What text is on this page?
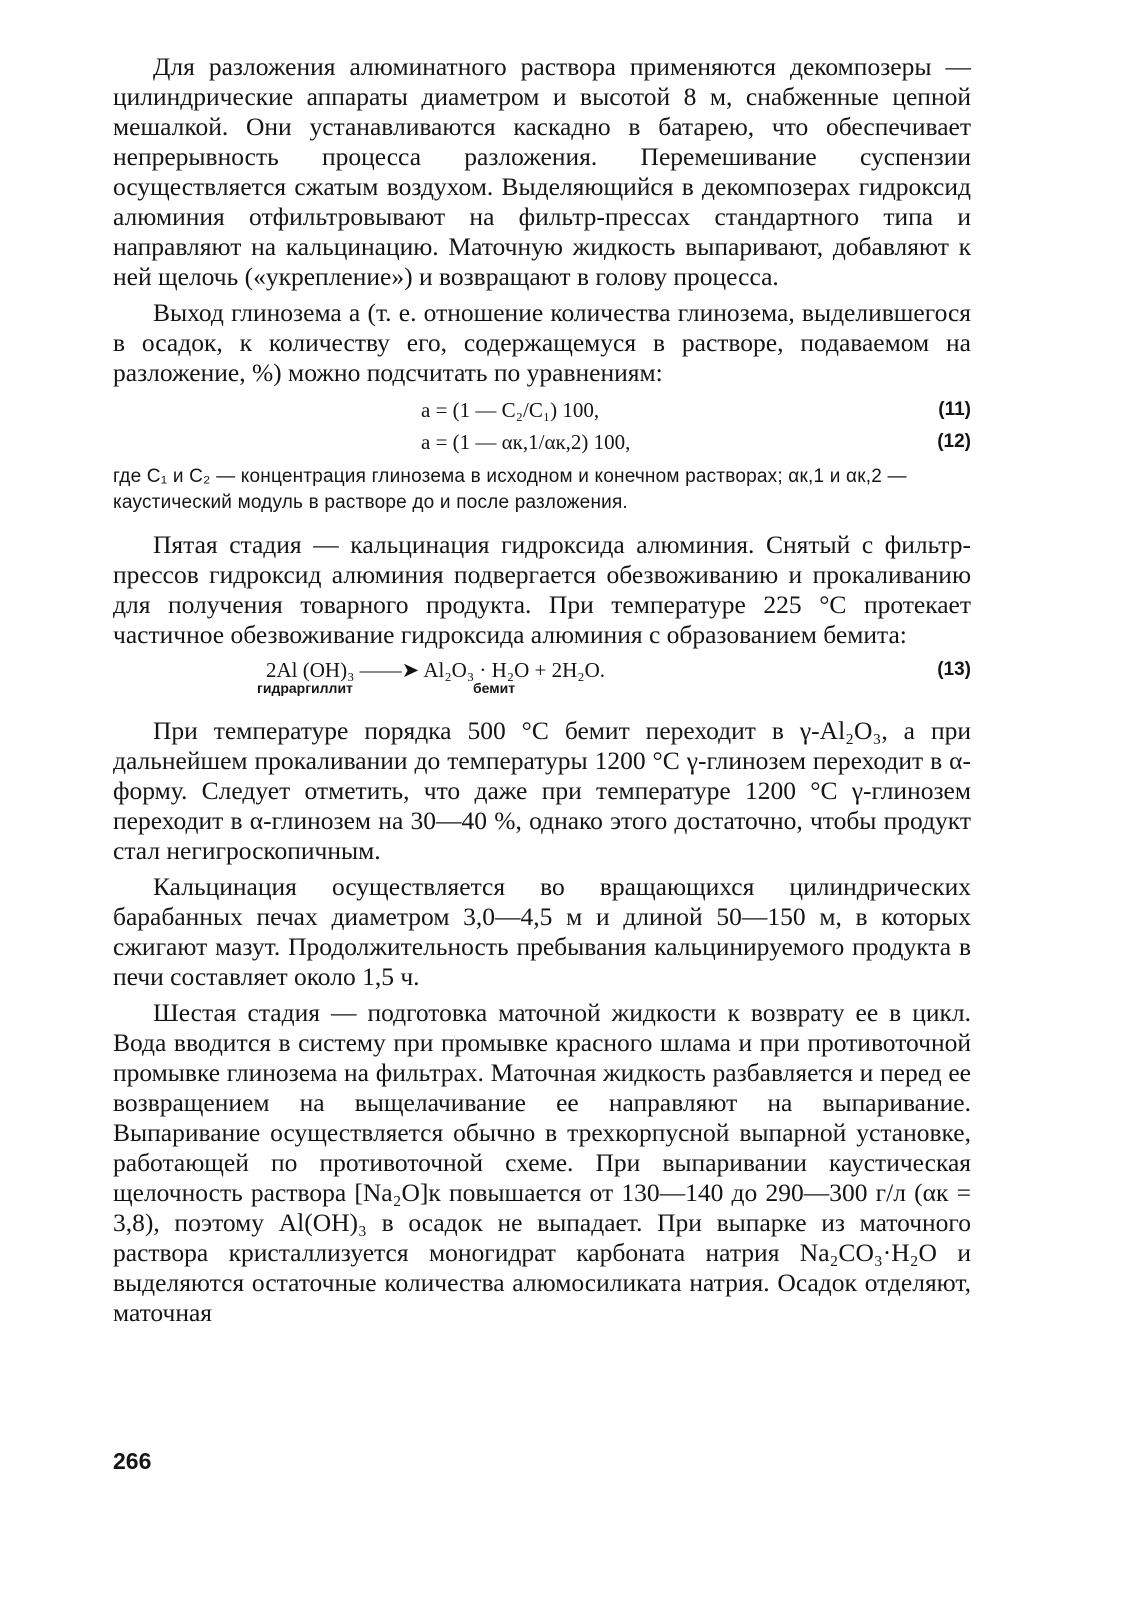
Для разложения алюминатного раствора применяются декомпозеры — цилиндрические аппараты диаметром и высотой 8 м, снабженные цепной мешалкой. Они устанавливаются каскадно в батарею, что обеспечивает непрерывность процесса разложения. Перемешивание суспензии осуществляется сжатым воздухом. Выделяющийся в декомпозерах гидроксид алюминия отфильтровывают на фильтр-прессах стандартного типа и направляют на кальцинацию. Маточную жидкость выпаривают, добавляют к ней щелочь («укрепление») и возвращают в голову процесса.

Выход глинозема a (т. е. отношение количества глинозема, выделившегося в осадок, к количеству его, содержащемуся в растворе, подаваемом на разложение, %) можно подсчитать по уравнениям:

a = (1 — C₂/C₁) 100,	(11)
a = (1 — αк,1/αк,2) 100,	(12)

где C₁ и C₂ — концентрация глинозема в исходном и конечном растворах; αк,1 и αк,2 — каустический модуль в растворе до и после разложения.

Пятая стадия — кальцинация гидроксида алюминия. Снятый с фильтр-прессов гидроксид алюминия подвергается обезвоживанию и прокаливанию для получения товарного продукта. При температуре 225 °C протекает частичное обезвоживание гидроксида алюминия с образованием бемита:

2Al (OH)₃ ——➤ Al₂O₃ · H₂O + 2H₂O.	(13)
гидраргиллит	бемит

При температуре порядка 500 °C бемит переходит в γ-Al₂O₃, а при дальнейшем прокаливании до температуры 1200 °C γ-глинозем переходит в α-форму. Следует отметить, что даже при температуре 1200 °C γ-глинозем переходит в α-глинозем на 30—40 %, однако этого достаточно, чтобы продукт стал негигроскопичным.

Кальцинация осуществляется во вращающихся цилиндрических барабанных печах диаметром 3,0—4,5 м и длиной 50—150 м, в которых сжигают мазут. Продолжительность пребывания кальцинируемого продукта в печи составляет около 1,5 ч.

Шестая стадия — подготовка маточной жидкости к возврату ее в цикл. Вода вводится в систему при промывке красного шлама и при противоточной промывке глинозема на фильтрах. Маточная жидкость разбавляется и перед ее возвращением на выщелачивание ее направляют на выпаривание. Выпаривание осуществляется обычно в трехкорпусной выпарной установке, работающей по противоточной схеме. При выпаривании каустическая щелочность раствора [Na₂O]к повышается от 130—140 до 290—300 г/л (αк = 3,8), поэтому Al(OH)₃ в осадок не выпадает. При выпарке из маточного раствора кристаллизуется моногидрат карбоната натрия Na₂CO₃·H₂O и выделяются остаточные количества алюмосиликата натрия. Осадок отделяют, маточная

266
